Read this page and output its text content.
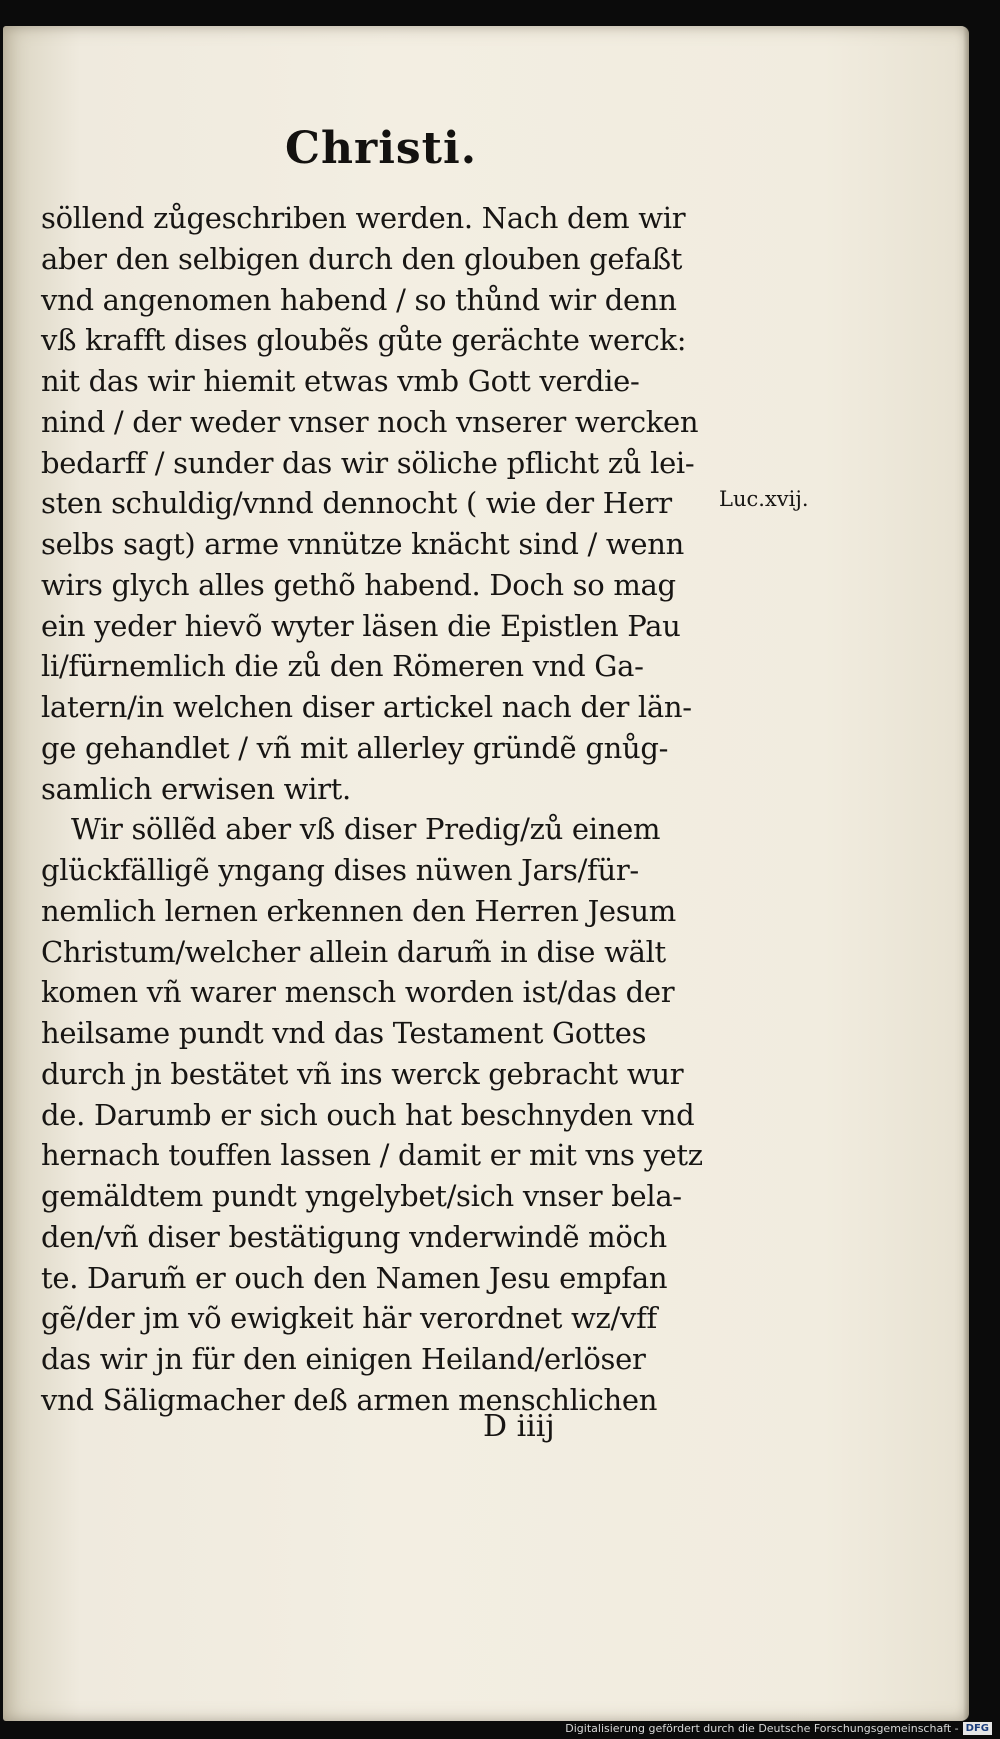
Christi.
söllend zůgeschriben werden. Nach dem wir
aber den selbigen durch den glouben gefaßt
vnd angenomen habend / so thůnd wir denn
vß krafft dises gloubẽs gůte gerächte werck:
nit das wir hiemit etwas vmb Gott verdie-
nind / der weder vnser noch vnserer wercken
bedarff / sunder das wir söliche pflicht zů lei-
sten schuldig/vnnd dennocht ( wie der Herr
selbs sagt) arme vnnütze knächt sind / wenn
wirs glych alles gethõ habend. Doch so mag
ein yeder hievõ wyter läsen die Epistlen Pau
li/fürnemlich die zů den Römeren vnd Ga-
latern/in welchen diser artickel nach der län-
ge gehandlet / vñ mit allerley gründẽ gnůg-
samlich erwisen wirt.
Wir söllẽd aber vß diser Predig/zů einem
glückfälligẽ yngang dises nüwen Jars/für-
nemlich lernen erkennen den Herren Jesum
Christum/welcher allein darum̃ in dise wält
komen vñ warer mensch worden ist/das der
heilsame pundt vnd das Testament Gottes
durch jn bestätet vñ ins werck gebracht wur
de. Darumb er sich ouch hat beschnyden vnd
hernach touffen lassen / damit er mit vns yetz
gemäldtem pundt yngelybet/sich vnser bela-
den/vñ diser bestätigung vnderwindẽ möch
te. Darum̃ er ouch den Namen Jesu empfan
gẽ/der jm võ ewigkeit här verordnet wz/vff
das wir jn für den einigen Heiland/erlöser
vnd Säligmacher deß armen menschlichen
Luc.xvij.
D iiij
Digitalisierung gefördert durch die Deutsche Forschungsgemeinschaft - DFG
